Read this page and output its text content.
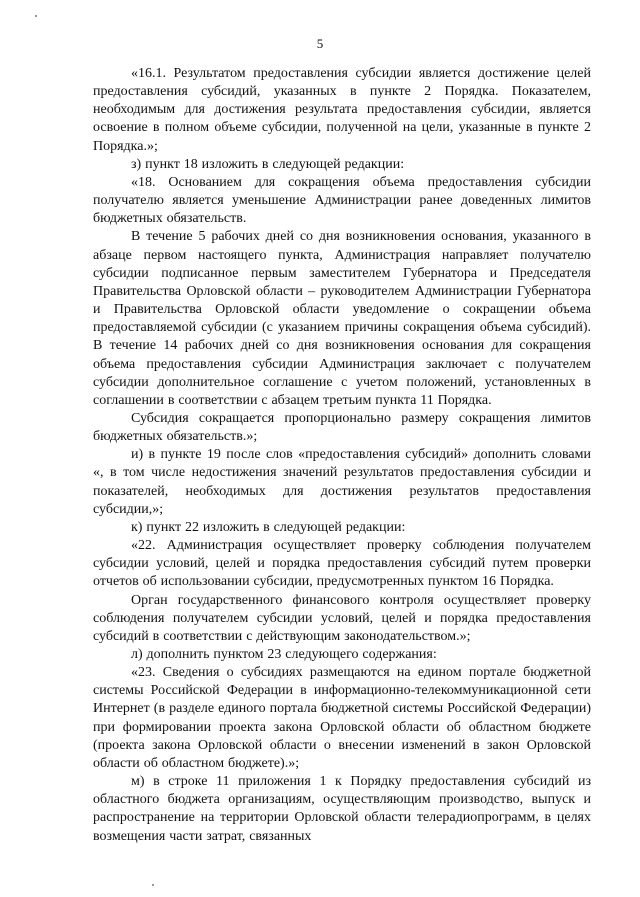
5

«16.1. Результатом предоставления субсидии является достижение целей предоставления субсидий, указанных в пункте 2 Порядка. Показателем, необходимым для достижения результата предоставления субсидии, является освоение в полном объеме субсидии, полученной на цели, указанные в пункте 2 Порядка.»;

з) пункт 18 изложить в следующей редакции:

«18. Основанием для сокращения объема предоставления субсидии получателю является уменьшение Администрации ранее доведенных лимитов бюджетных обязательств.

В течение 5 рабочих дней со дня возникновения основания, указанного в абзаце первом настоящего пункта, Администрация направляет получателю субсидии подписанное первым заместителем Губернатора и Председателя Правительства Орловской области – руководителем Администрации Губернатора и Правительства Орловской области уведомление о сокращении объема предоставляемой субсидии (с указанием причины сокращения объема субсидий). В течение 14 рабочих дней со дня возникновения основания для сокращения объема предоставления субсидии Администрация заключает с получателем субсидии дополнительное соглашение с учетом положений, установленных в соглашении в соответствии с абзацем третьим пункта 11 Порядка.

Субсидия сокращается пропорционально размеру сокращения лимитов бюджетных обязательств.»;

и) в пункте 19 после слов «предоставления субсидий» дополнить словами «, в том числе недостижения значений результатов предоставления субсидии и показателей, необходимых для достижения результатов предоставления субсидии,»;

к) пункт 22 изложить в следующей редакции:

«22. Администрация осуществляет проверку соблюдения получателем субсидии условий, целей и порядка предоставления субсидий путем проверки отчетов об использовании субсидии, предусмотренных пунктом 16 Порядка.

Орган государственного финансового контроля осуществляет проверку соблюдения получателем субсидии условий, целей и порядка предоставления субсидий в соответствии с действующим законодательством.»;

л) дополнить пунктом 23 следующего содержания:

«23. Сведения о субсидиях размещаются на едином портале бюджетной системы Российской Федерации в информационно-телекоммуникационной сети Интернет (в разделе единого портала бюджетной системы Российской Федерации) при формировании проекта закона Орловской области об областном бюджете (проекта закона Орловской области о внесении изменений в закон Орловской области об областном бюджете).»;

м) в строке 11 приложения 1 к Порядку предоставления субсидий из областного бюджета организациям, осуществляющим производство, выпуск и распространение на территории Орловской области телерадиопрограмм, в целях возмещения части затрат, связанных
